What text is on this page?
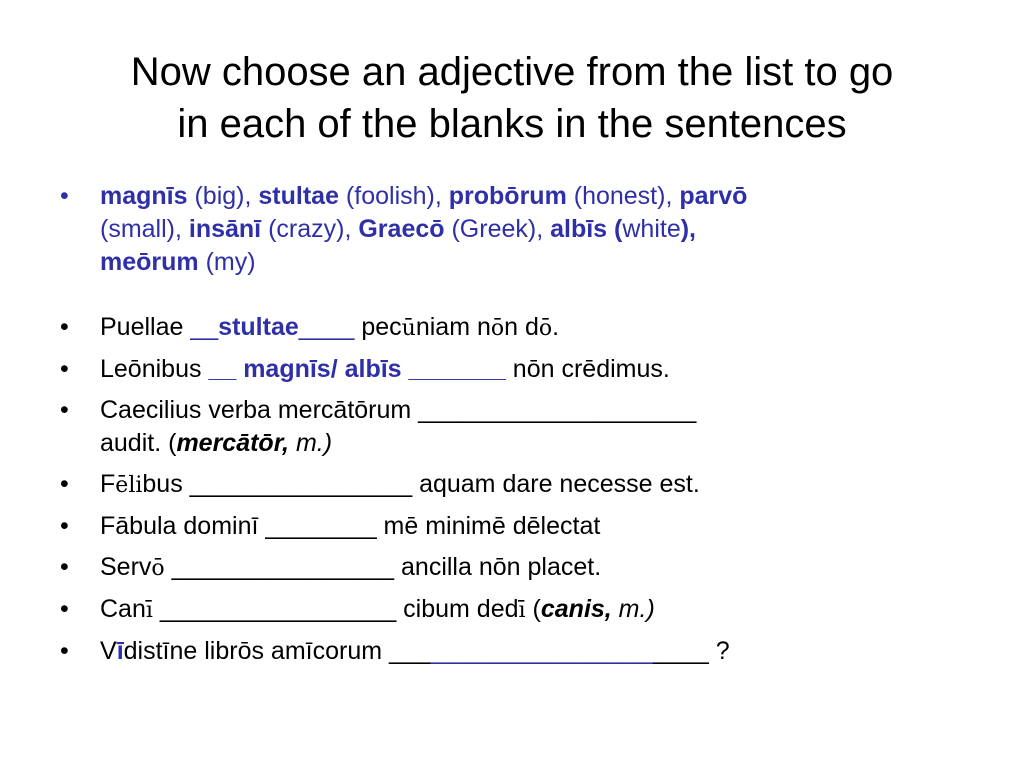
Now choose an adjective from the list to go
in each of the blanks in the sentences
• magnīs (big), stultae (foolish), probōrum (honest), parvō
(small), insānī (crazy), Graecō (Greek), albīs (white),
meōrum (my)
• Puellae __stultae____ pecūniam nōn dō.
• Leōnibus __ magnīs/ albīs _______ nōn crēdimus.
• Caecilius verba mercātōrum ____________________
audit. (mercātōr, m.)
• Fēlibus ________________ aquam dare necesse est.
• Fābula dominī ________ mē minimē dēlectat
• Servō ________________ ancilla nōn placet.
• Canī _________________ cibum dedī (canis, m.)
• Vīdistīne librōs amīcorum _______________________ ?
